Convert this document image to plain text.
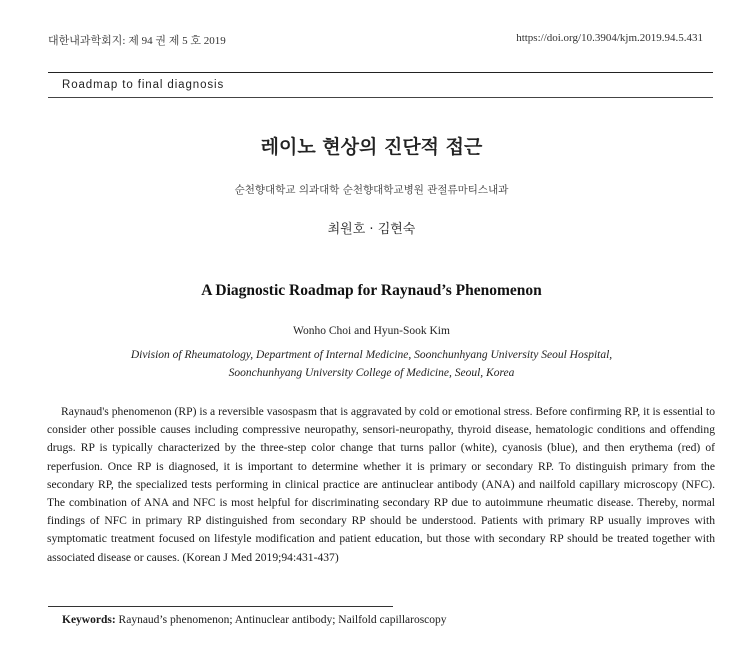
대한내과학회지: 제 94 권 제 5 호 2019	https://doi.org/10.3904/kjm.2019.94.5.431
Roadmap to final diagnosis
레이노 현상의 진단적 접근
순천향대학교 의과대학 순천향대학교병원 관절류마티스내과
최원호 · 김현숙
A Diagnostic Roadmap for Raynaud’s Phenomenon
Wonho Choi and Hyun-Sook Kim
Division of Rheumatology, Department of Internal Medicine, Soonchunhyang University Seoul Hospital,
Soonchunhyang University College of Medicine, Seoul, Korea

Raynaud's phenomenon (RP) is a reversible vasospasm that is aggravated by cold or emotional stress. Before confirming RP, it is essential to consider other possible causes including compressive neuropathy, sensori-neuropathy, thyroid disease, hematologic conditions and offending drugs. RP is typically characterized by the three-step color change that turns pallor (white), cyanosis (blue), and then erythema (red) of reperfusion. Once RP is diagnosed, it is important to determine whether it is primary or secondary RP. To distinguish primary from the secondary RP, the specialized tests performing in clinical practice are antinuclear antibody (ANA) and nailfold capillary microscopy (NFC). The combination of ANA and NFC is most helpful for discriminating secondary RP due to autoimmune rheumatic disease. Thereby, normal findings of NFC in primary RP distinguished from secondary RP should be understood. Patients with primary RP usually improves with symptomatic treatment focused on lifestyle modification and patient education, but those with secondary RP should be treated together with associated disease or causes. (Korean J Med 2019;94:431-437)

Keywords: Raynaud’s phenomenon; Antinuclear antibody; Nailfold capillaroscopy
